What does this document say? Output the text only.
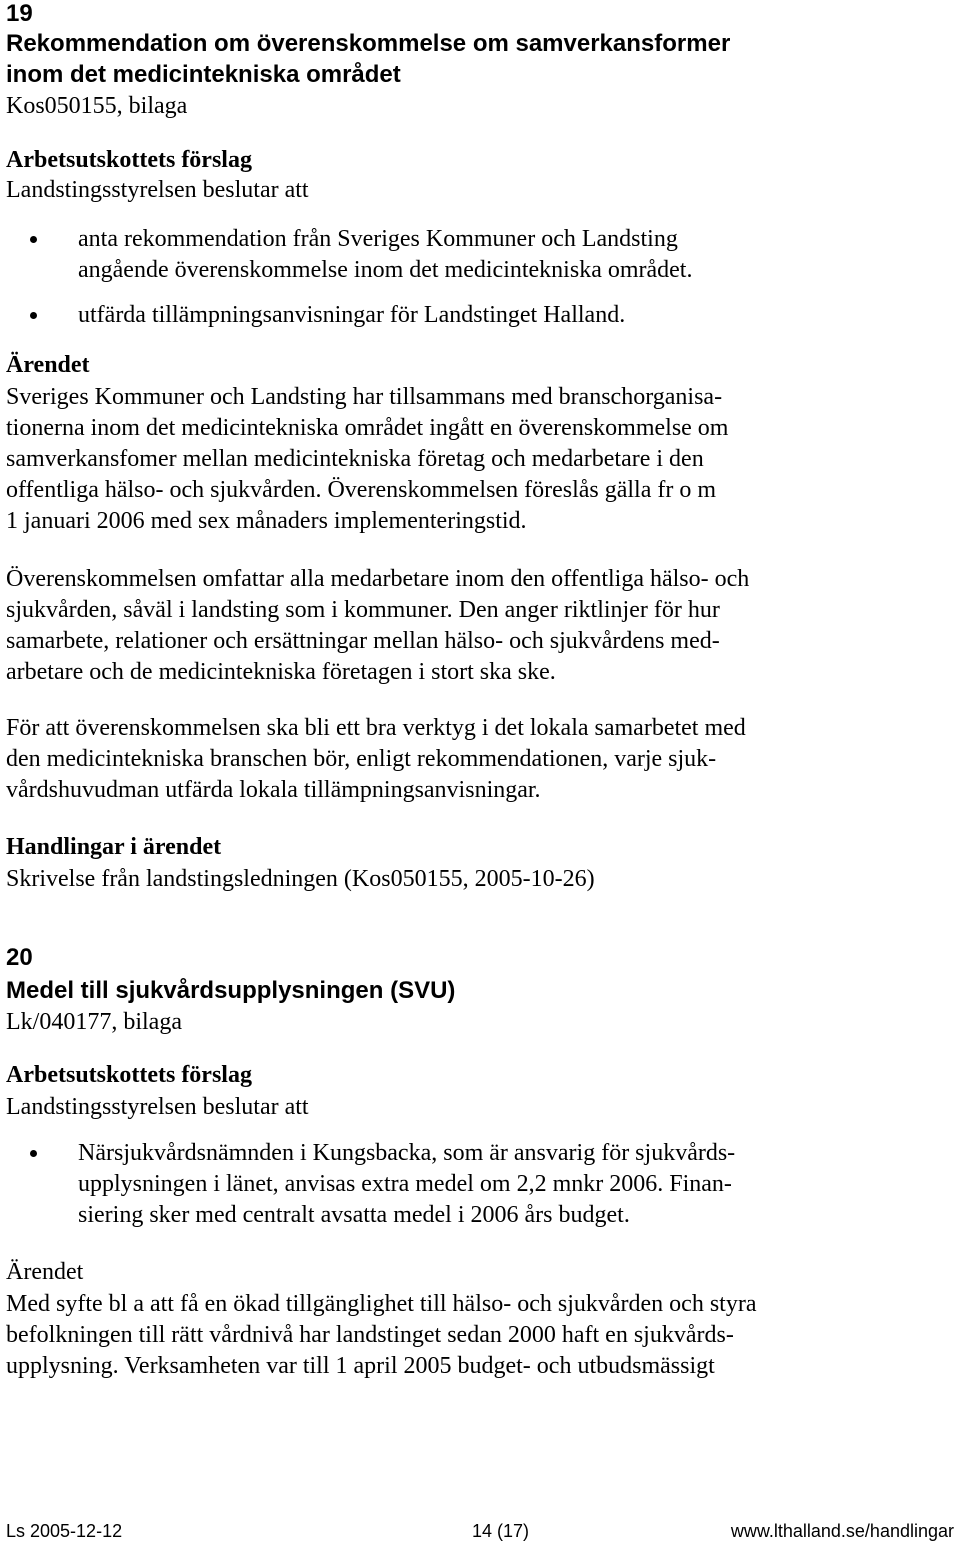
19
Rekommendation om överenskommelse om samverkansformer
inom det medicintekniska området
Kos050155, bilaga
Arbetsutskottets förslag
Landstingsstyrelsen beslutar att
anta rekommendation från Sveriges Kommuner och Landsting
angående överenskommelse inom det medicintekniska området.
utfärda tillämpningsanvisningar för Landstinget Halland.
Ärendet
Sveriges Kommuner och Landsting har tillsammans med branschorganisa-
tionerna inom det medicintekniska området ingått en överenskommelse om
samverkansfomer mellan medicintekniska företag och medarbetare i den
offentliga hälso- och sjukvården. Överenskommelsen föreslås gälla fr o m
1 januari 2006 med sex månaders implementeringstid.
Överenskommelsen omfattar alla medarbetare inom den offentliga hälso- och
sjukvården, såväl i landsting som i kommuner. Den anger riktlinjer för hur
samarbete, relationer och ersättningar mellan hälso- och sjukvårdens med-
arbetare och de medicintekniska företagen i stort ska ske.
För att överenskommelsen ska bli ett bra verktyg i det lokala samarbetet med
den medicintekniska branschen bör, enligt rekommendationen, varje sjuk-
vårdshuvudman utfärda lokala tillämpningsanvisningar.
Handlingar i ärendet
Skrivelse från landstingsledningen (Kos050155, 2005-10-26)
20
Medel till sjukvårdsupplysningen (SVU)
Lk/040177, bilaga
Arbetsutskottets förslag
Landstingsstyrelsen beslutar att
Närsjukvårdsnämnden i Kungsbacka, som är ansvarig för sjukvårds-
upplysningen i länet, anvisas extra medel om 2,2 mnkr 2006. Finan-
siering sker med centralt avsatta medel i 2006 års budget.
Ärendet
Med syfte bl a att få en ökad tillgänglighet till hälso- och sjukvården och styra
befolkningen till rätt vårdnivå har landstinget sedan 2000 haft en sjukvårds-
upplysning. Verksamheten var till 1 april 2005 budget- och utbudsmässigt
Ls 2005-12-12	14 (17)	www.lthalland.se/handlingar
